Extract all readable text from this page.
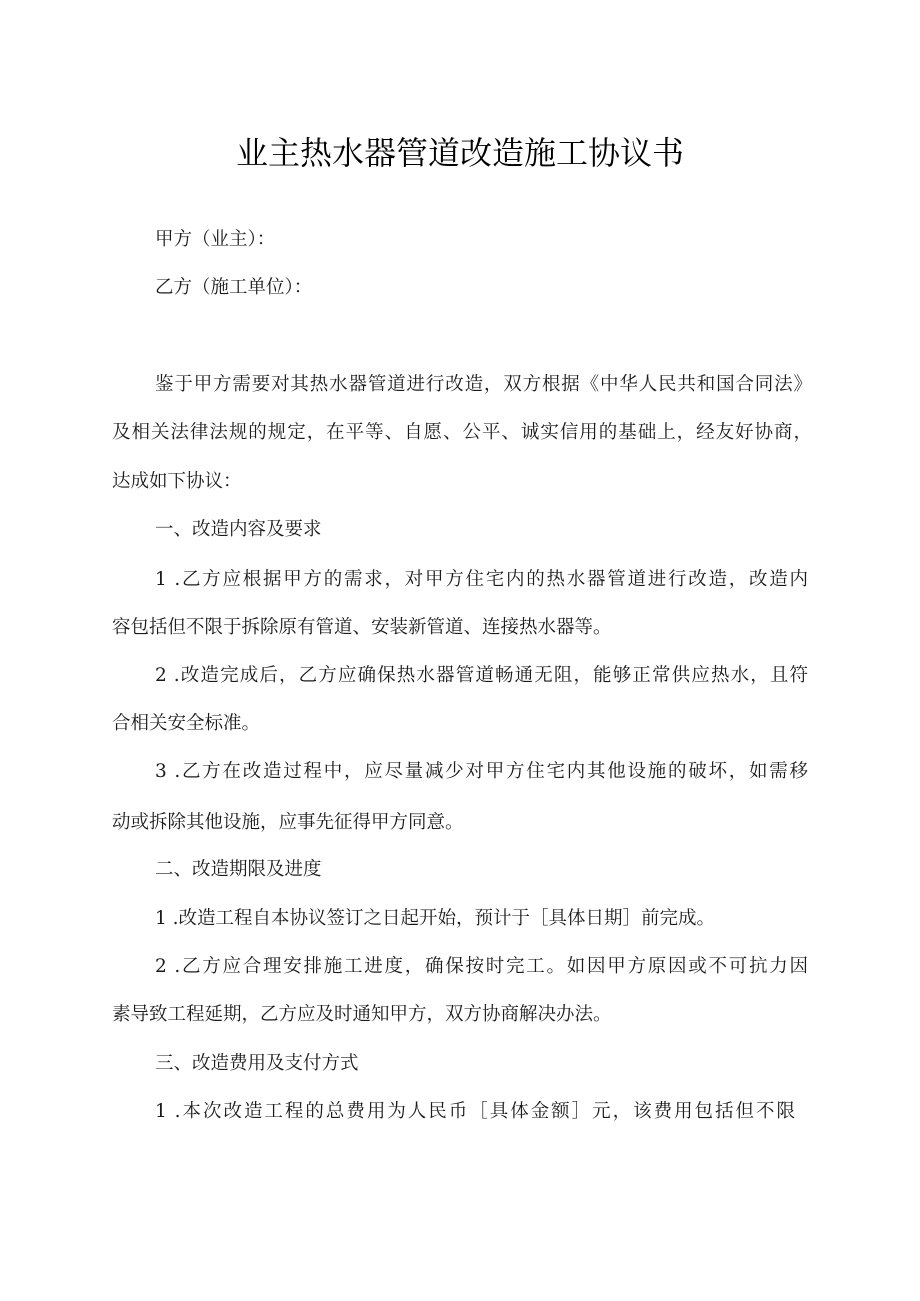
业主热水器管道改造施工协议书
甲方（业主）：
乙方（施工单位）：
鉴于甲方需要对其热水器管道进行改造，双方根据《中华人民共和国合同法》
及相关法律法规的规定，在平等、自愿、公平、诚实信用的基础上，经友好协商，
达成如下协议：
一、改造内容及要求
1 .乙方应根据甲方的需求，对甲方住宅内的热水器管道进行改造，改造内
容包括但不限于拆除原有管道、安装新管道、连接热水器等。
2 .改造完成后，乙方应确保热水器管道畅通无阻，能够正常供应热水，且符
合相关安全标准。
3 .乙方在改造过程中，应尽量减少对甲方住宅内其他设施的破坏，如需移
动或拆除其他设施，应事先征得甲方同意。
二、改造期限及进度
1 .改造工程自本协议签订之日起开始，预计于［具体日期］前完成。
2 .乙方应合理安排施工进度，确保按时完工。如因甲方原因或不可抗力因
素导致工程延期，乙方应及时通知甲方，双方协商解决办法。
三、改造费用及支付方式
1 .本次改造工程的总费用为人民币［具体金额］元，该费用包括但不限
